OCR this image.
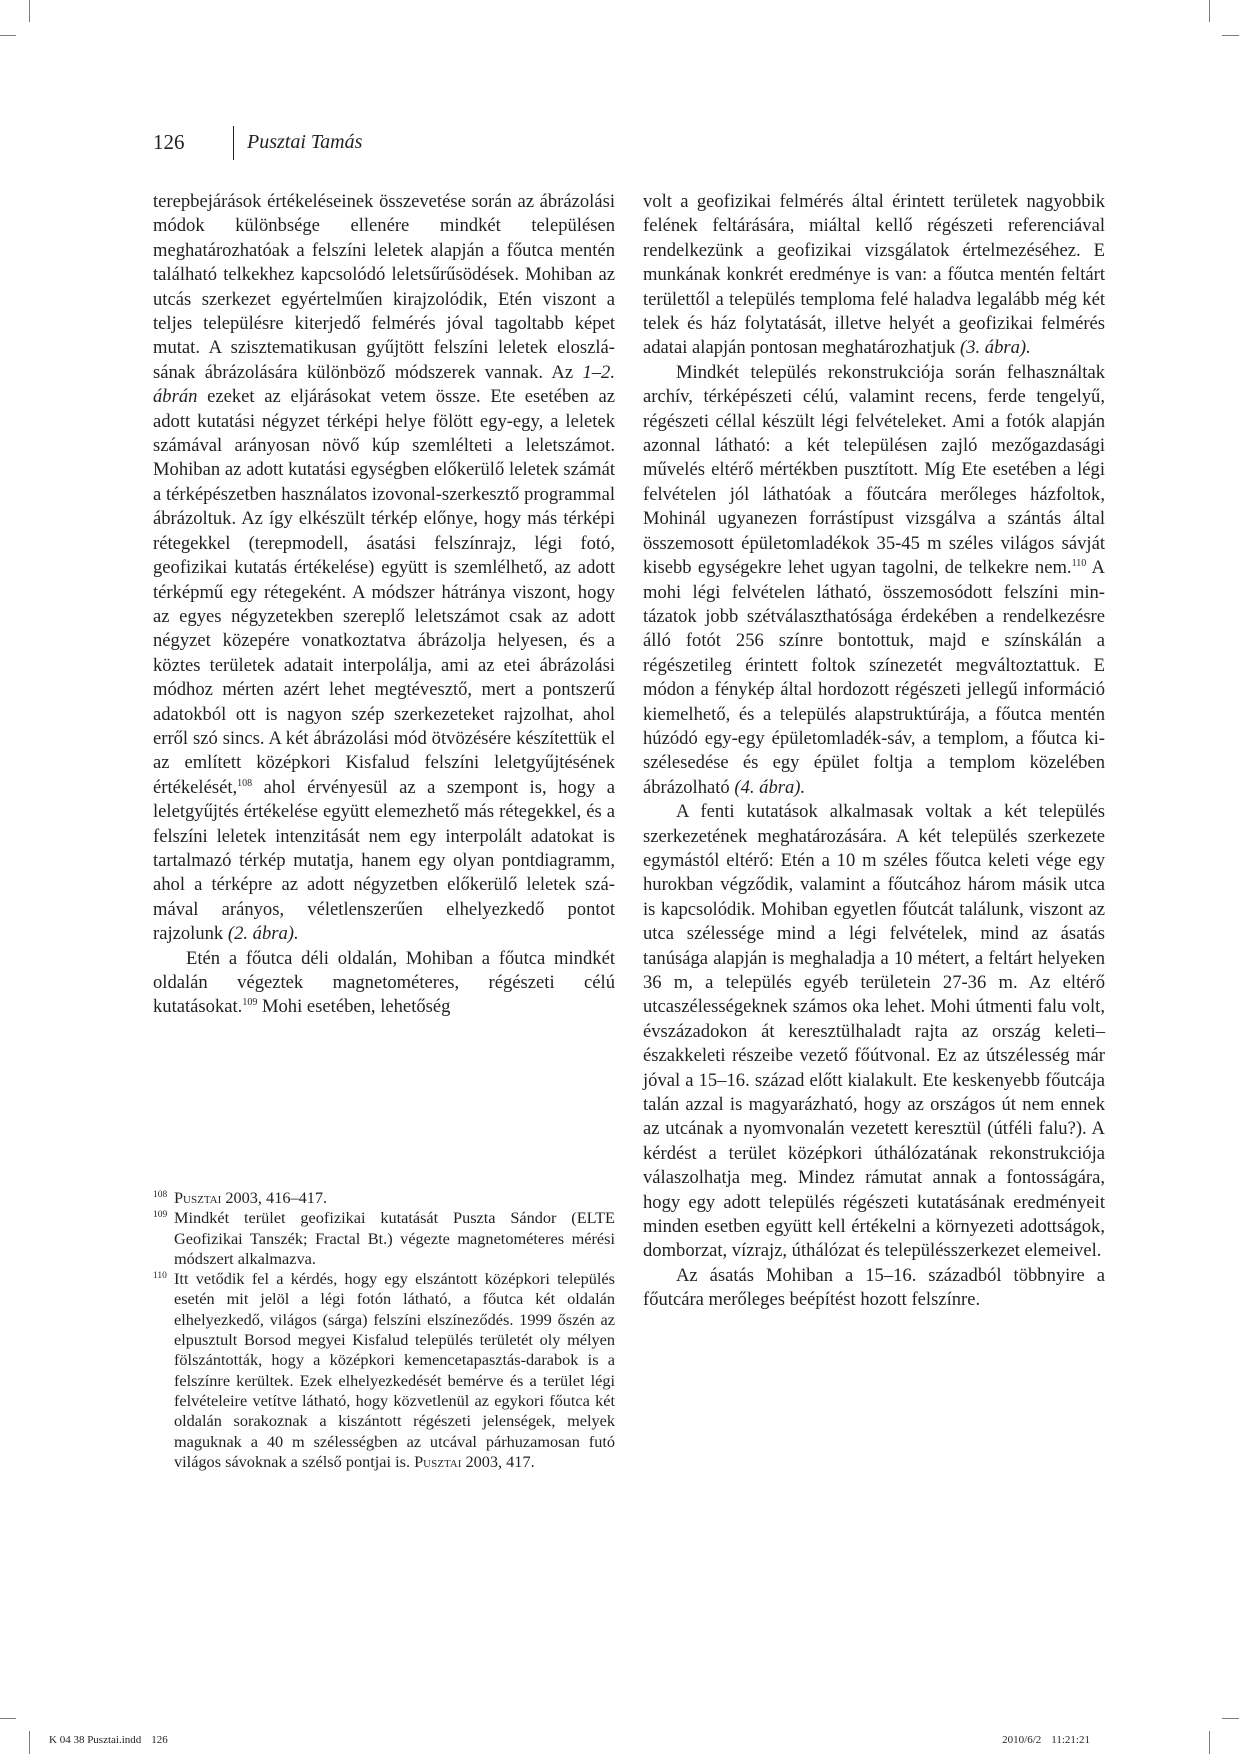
126	Pusztai Tamás

terepbejárások értékeléseinek összevetése során az ábrázolási módok különbsége ellenére mindkét településen meghatározhatóak a felszíni leletek alapján a főutca mentén található telkekhez kapcsolódó leletsűrűsödések. Mohiban az utcás szerkezet egyértelműen kirajzolódik, Etén viszont a teljes településre kiterjedő felmérés jóval tagoltabb képet mutat. A szisztematikusan gyűjtött felszíni leletek eloszlásának ábrázolására különböző módszerek vannak. Az 1–2. ábrán ezeket az eljárásokat vetem össze. Ete esetében az adott kutatási négyzet térképi helye fölött egy-egy, a leletek számával arányosan növő kúp szemlélteti a leletszámot. Mohiban az adott kutatási egységben előkerülő leletek számát a térképészetben használatos izovonal-szerkesztő programmal ábrázoltuk. Az így elkészült térkép előnye, hogy más térképi rétegekkel (terepmodell, ásatási felszínrajz, légi fotó, geofizikai kutatás értékelése) együtt is szemlélhető, az adott térképmű egy rétegeként. A módszer hátránya viszont, hogy az egyes négyzetekben szereplő leletszámot csak az adott négyzet közepére vonatkoztatva ábrázolja helyesen, és a köztes területek adatait interpolálja, ami az etei ábrázolási módhoz mérten azért lehet megtévesztő, mert a pontszerű adatokból ott is nagyon szép szerkezeteket rajzolhat, ahol erről szó sincs. A két ábrázolási mód ötvözésére készítettük el az említett középkori Kisfalud felszíni leletgyűjtésének értékelését,$^{108}$ ahol érvényesül az a szempont is, hogy a leletgyűjtés értékelése együtt elemezhető más rétegekkel, és a felszíni leletek intenzitását nem egy interpolált adatokat is tartalmazó térkép mutatja, hanem egy olyan pontdiagramm, ahol a térképre az adott négyzetben előkerülő leletek számával arányos, véletlenszerűen elhelyezkedő pontot rajzolunk (2. ábra).

Etén a főutca déli oldalán, Mohiban a főutca mindkét oldalán végeztek magnetométeres, régészeti célú kutatásokat.$^{109}$ Mohi esetében, lehetőség

108 Pusztai 2003, 416–417.

109 Mindkét terület geofizikai kutatását Puszta Sándor (ELTE Geofizikai Tanszék; Fractal Bt.) végezte magnetométeres mérési módszert alkalmazva.

110 Itt vetődik fel a kérdés, hogy egy elszántott középkori település esetén mit jelöl a légi fotón látható, a főutca két oldalán elhelyezkedő, világos (sárga) felszíni elszíneződés. 1999 őszén az elpusztult Borsod megyei Kisfalud település területét oly mélyen fölszántották, hogy a középkori kemencetapasztás-darabok is a felszínre kerültek. Ezek elhelyezkedését bemérve és a terület légi felvételeire vetítve látható, hogy közvetlenül az egykori főutca két oldalán sorakoznak a kiszántott régészeti jelenségek, melyek maguknak a 40 m szélességben az utcával párhuzamosan futó világos sávoknak a szélső pontjai is. Pusztai 2003, 417.

volt a geofizikai felmérés által érintett területek nagyobbik felének feltárására, miáltal kellő régészeti referenciával rendelkezünk a geofizikai vizsgálatok értelmezéséhez. E munkának konkrét eredménye is van: a főutca mentén feltárt területtől a település temploma felé haladva legalább még két telek és ház folytatását, illetve helyét a geofizikai felmérés adatai alapján pontosan meghatározhatjuk (3. ábra).

Mindkét település rekonstrukciója során felhasználtak archív, térképészeti célú, valamint recens, ferde tengelyű, régészeti céllal készült légi felvételeket. Ami a fotók alapján azonnal látható: a két településen zajló mezőgazdasági művelés eltérő mértékben pusztított. Míg Ete esetében a légi felvételen jól láthatóak a főutcára merőleges házfoltok, Mohinál ugyanezen forrástípust vizsgálva a szántás által összemosott épületomladékok 35-45 m széles világos sávját kisebb egységekre lehet ugyan tagolni, de telkekre nem.$^{110}$ A mohi légi felvételen látható, összemosódott felszíni mintázatok jobb szétválaszthatósága érdekében a rendelkezésre álló fotót 256 színre bontottuk, majd e színskálán a régészetileg érintett foltok színezetét megváltoztattuk. E módon a fénykép által hordozott régészeti jellegű információ kiemelhető, és a település alapstruktúrája, a főutca mentén húzódó egy-egy épületomladék-sáv, a templom, a főutca kiszélesedése és egy épület foltja a templom közelében ábrázolható (4. ábra).

A fenti kutatások alkalmasak voltak a két település szerkezetének meghatározására. A két település szerkezete egymástól eltérő: Etén a 10 m széles főutca keleti vége egy hurokban végződik, valamint a főutcához három másik utca is kapcsolódik. Mohiban egyetlen főutcát találunk, viszont az utca szélessége mind a légi felvételek, mind az ásatás tanúsága alapján is meghaladja a 10 métert, a feltárt helyeken 36 m, a település egyéb területein 27-36 m. Az eltérő utcaszélességeknek számos oka lehet. Mohi útmenti falu volt, évszázadokon át keresztülhaladt rajta az ország keleti–északkeleti részeibe vezető főútvonal. Ez az útszélesség már jóval a 15–16. század előtt kialakult. Ete keskenyebb főutcája talán azzal is magyarázható, hogy az országos út nem ennek az utcának a nyomvonalán vezetett keresztül (útféli falu?). A kérdést a terület középkori úthálózatának rekonstrukciója válaszolhatja meg. Mindez rámutat annak a fontosságára, hogy egy adott település régészeti kutatásának eredményeit minden esetben együtt kell értékelni a környezeti adottságok, domborzat, vízrajz, úthálózat és településszerkezet elemeivel.

Az ásatás Mohiban a 15–16. századból többnyire a főutcára merőleges beépítést hozott felszínre.

K 04 38 Pusztai.indd 126	2010/6/2 11:21:21
